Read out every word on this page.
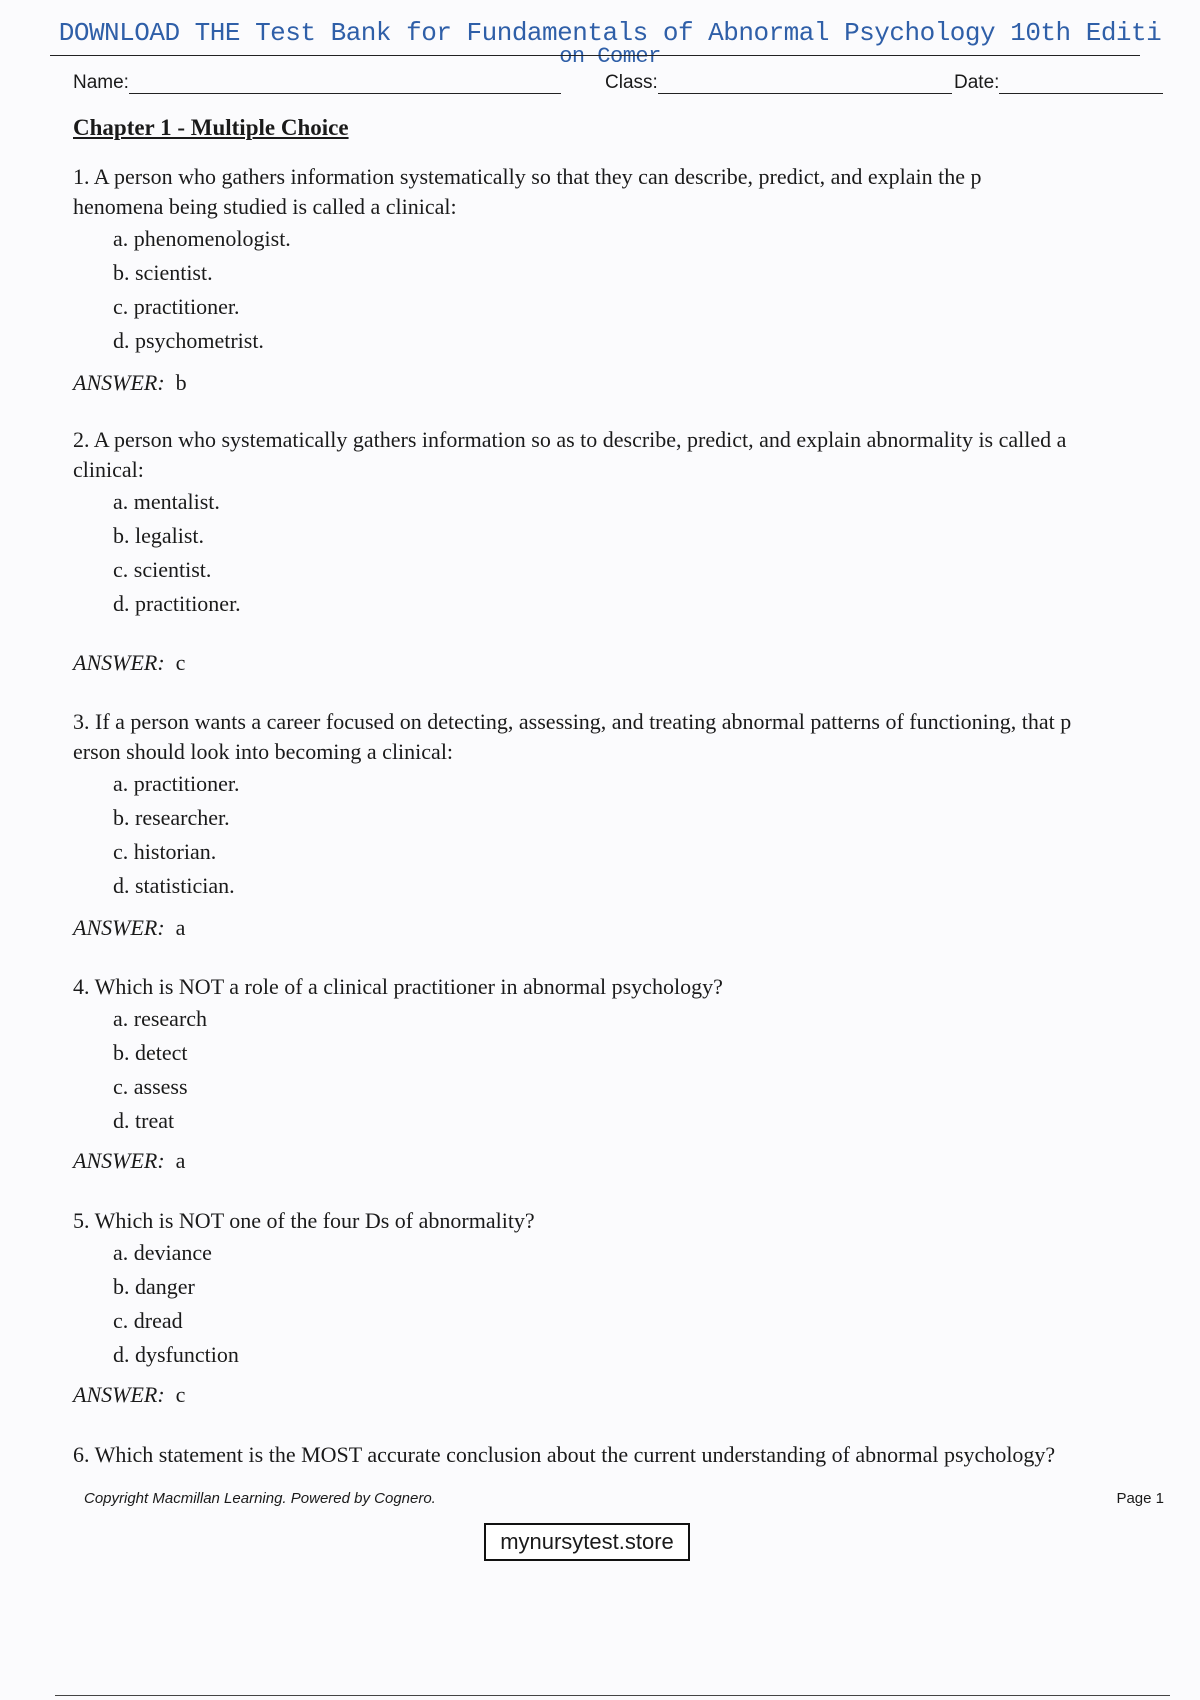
DOWNLOAD THE Test Bank for Fundamentals of Abnormal Psychology 10th Editi
on Comer
Name:	Class:	Date:
Chapter 1 - Multiple Choice

1. A person who gathers information systematically so that they can describe, predict, and explain the p
henomena being studied is called a clinical:

a. phenomenologist.

b. scientist.

c. practitioner.

d. psychometrist.

ANSWER: b

2. A person who systematically gathers information so as to describe, predict, and explain abnormality is called a
clinical:

a. mentalist.

b. legalist.

c. scientist.

d. practitioner.

ANSWER: c

3. If a person wants a career focused on detecting, assessing, and treating abnormal patterns of functioning, that p
erson should look into becoming a clinical:

a. practitioner.

b. researcher.

c. historian.

d. statistician.

ANSWER: a

4. Which is NOT a role of a clinical practitioner in abnormal psychology?

a. research

b. detect

c. assess

d. treat

ANSWER: a

5. Which is NOT one of the four Ds of abnormality?

a. deviance

b. danger

c. dread

d. dysfunction

ANSWER: c

6. Which statement is the MOST accurate conclusion about the current understanding of abnormal psychology?

Copyright Macmillan Learning. Powered by Cognero.	Page 1
mynursytest.store
